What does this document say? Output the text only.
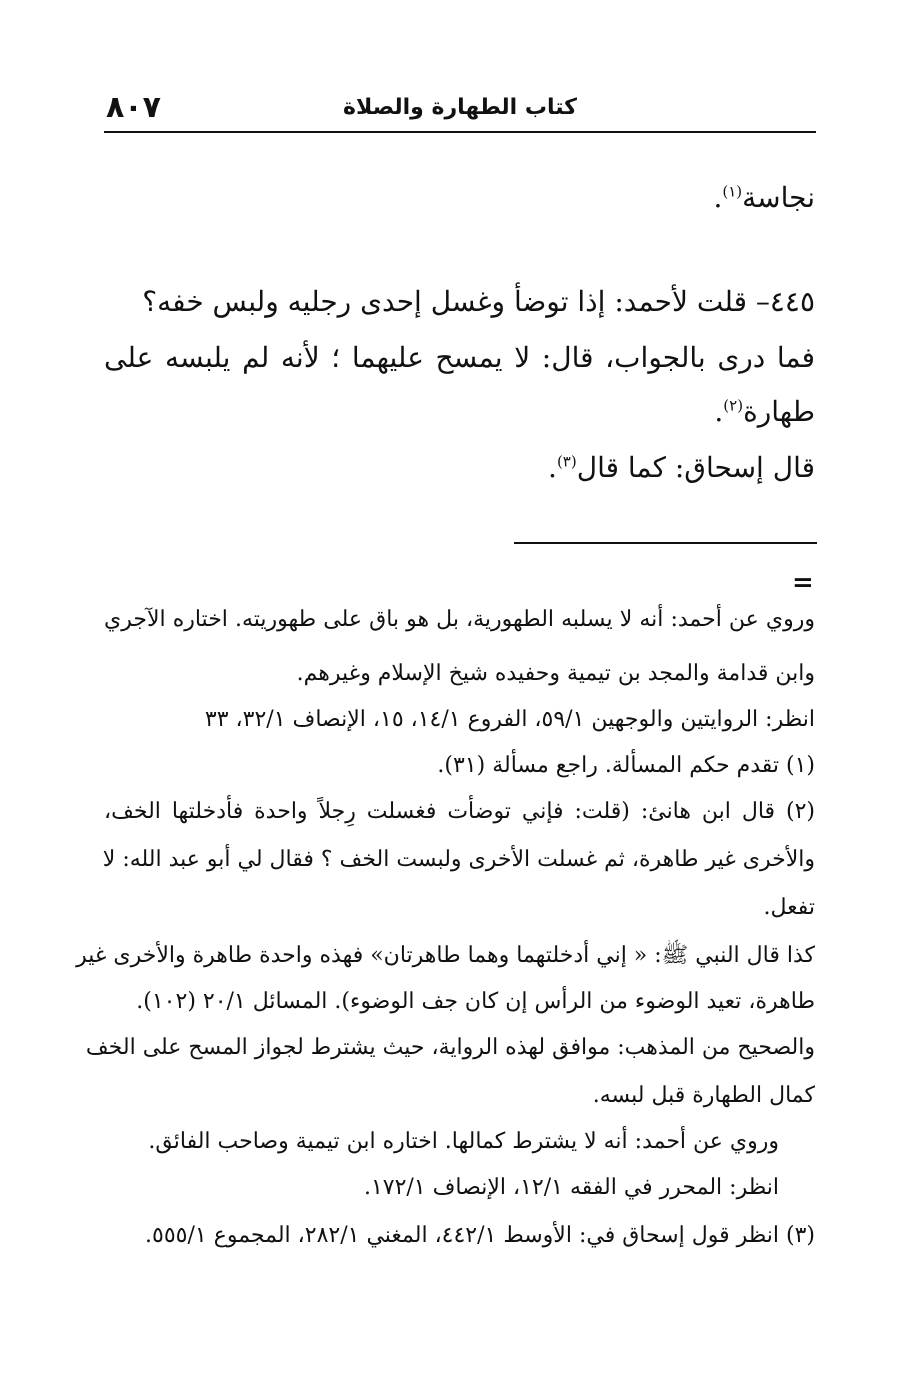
٨٠٧	كتاب الطهارة والصلاة
نجاسة$^{(١)}$.
٤٤٥– قلت لأحمد: إذا توضأ وغسل إحدى رجليه ولبس خفه؟
فما درى بالجواب، قال: لا يمسح عليهما ؛ لأنه لم يلبسه على
طهارة$^{(٢)}$.
قال إسحاق: كما قال$^{(٣)}$.
=
وروي عن أحمد: أنه لا يسلبه الطهورية، بل هو باق على طهوريته. اختاره الآجري
وابن قدامة والمجد بن تيمية وحفيده شيخ الإسلام وغيرهم.
انظر: الروايتين والوجهين ٥٩/١، الفروع ١٤/١، ١٥، الإنصاف ٣٢/١، ٣٣
(١) تقدم حكم المسألة. راجع مسألة (٣١).
(٢) قال ابن هانئ: (قلت: فإني توضأت فغسلت رِجلاً واحدة فأدخلتها الخف،
والأخرى غير طاهرة، ثم غسلت الأخرى ولبست الخف ؟ فقال لي أبو عبد الله: لا
تفعل.
كذا قال النبي ﷺ: « إني أدخلتهما وهما طاهرتان» فهذه واحدة طاهرة والأخرى غير
طاهرة، تعيد الوضوء من الرأس إن كان جف الوضوء). المسائل ٢٠/١ (١٠٢).
والصحيح من المذهب: موافق لهذه الرواية، حيث يشترط لجواز المسح على الخف
كمال الطهارة قبل لبسه.
وروي عن أحمد: أنه لا يشترط كمالها. اختاره ابن تيمية وصاحب الفائق.
انظر: المحرر في الفقه ١٢/١، الإنصاف ١٧٢/١.
(٣) انظر قول إسحاق في: الأوسط ٤٤٢/١، المغني ٢٨٢/١، المجموع ٥٥٥/١.
